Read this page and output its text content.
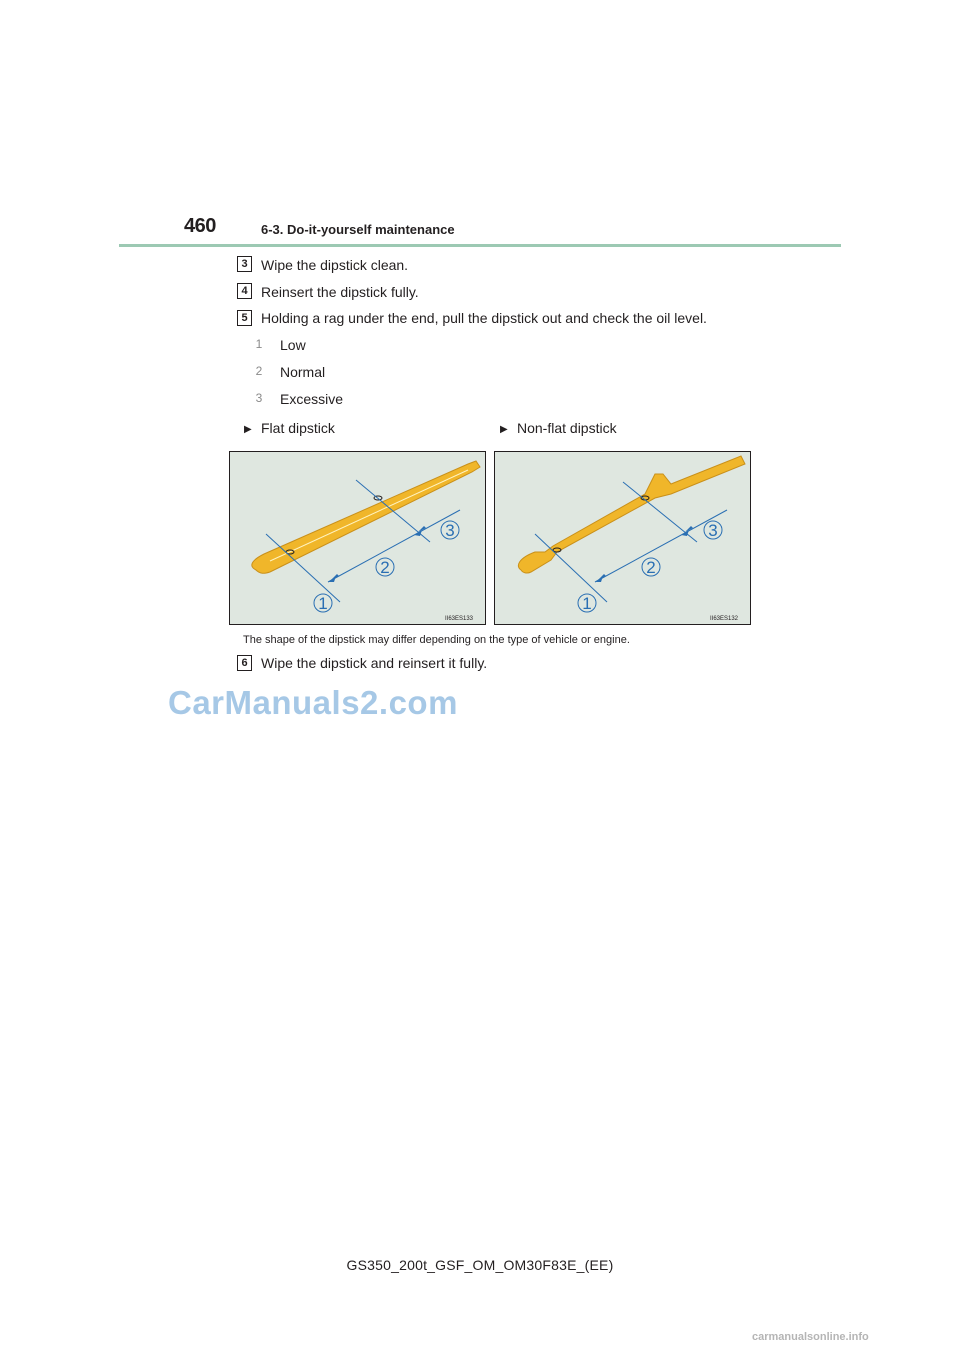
460	6-3. Do-it-yourself maintenance
3 Wipe the dipstick clean.
4 Reinsert the dipstick fully.
5 Holding a rag under the end, pull the dipstick out and check the oil level.
1	Low
2	Normal
3	Excessive
▶ Flat dipstick	▶ Non-flat dipstick
1
2
3
II63ES133
1
2
3
II63ES132
The shape of the dipstick may differ depending on the type of vehicle or engine.
6 Wipe the dipstick and reinsert it fully.
CarManuals2.com
GS350_200t_GSF_OM_OM30F83E_(EE)
carmanualsonline.info
